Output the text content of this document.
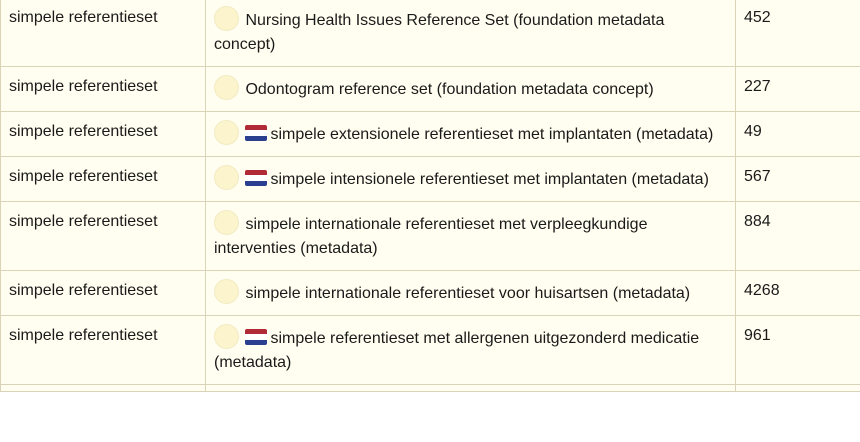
simpele referentieset	Nursing Health Issues Reference Set (foundation metadata concept)	452
simpele referentieset	Odontogram reference set (foundation metadata concept)	227
simpele referentieset	simpele extensionele referentieset met implantaten (metadata)	49
simpele referentieset	simpele intensionele referentieset met implantaten (metadata)	567
simpele referentieset	simpele internationale referentieset met verpleegkundige interventies (metadata)	884
simpele referentieset	simpele internationale referentieset voor huisartsen (metadata)	4268
simpele referentieset	simpele referentieset met allergenen uitgezonderd medicatie (metadata)	961
